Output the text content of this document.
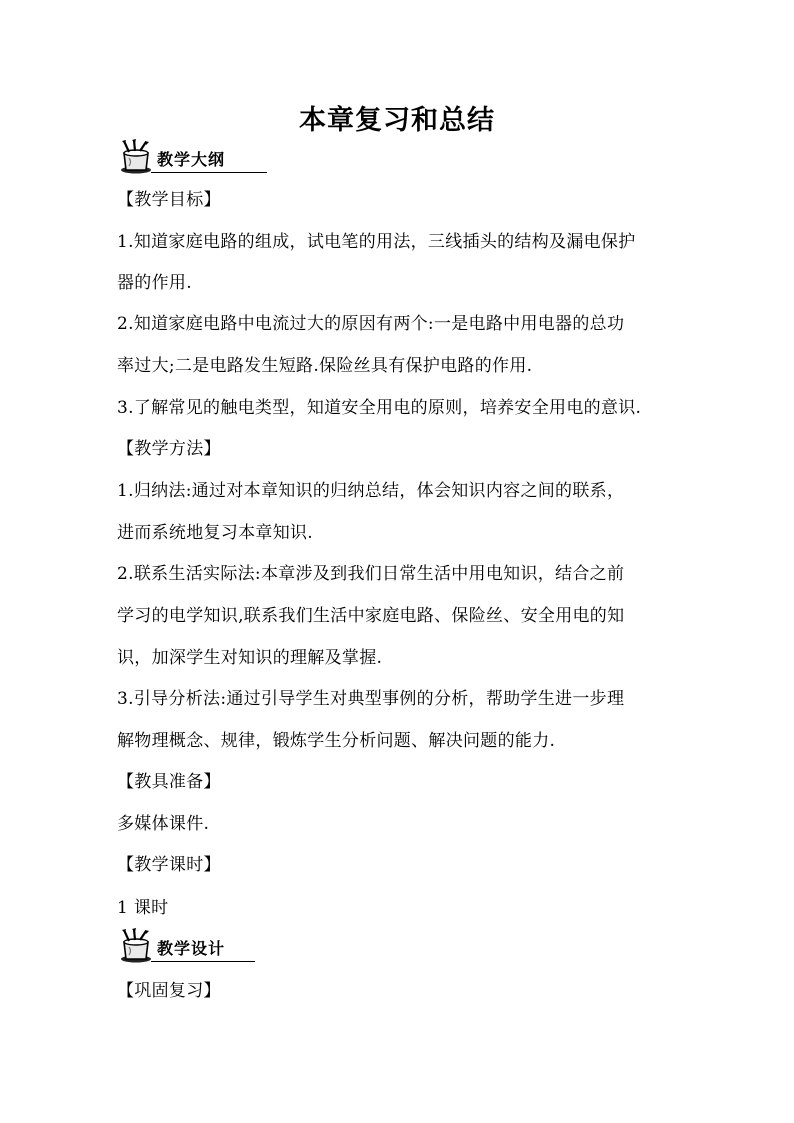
本章复习和总结
教学大纲
【教学目标】
1.知道家庭电路的组成，试电笔的用法，三线插头的结构及漏电保护
器的作用.
2.知道家庭电路中电流过大的原因有两个:一是电路中用电器的总功
率过大;二是电路发生短路.保险丝具有保护电路的作用.
3.了解常见的触电类型，知道安全用电的原则，培养安全用电的意识.
【教学方法】
1.归纳法:通过对本章知识的归纳总结，体会知识内容之间的联系，
进而系统地复习本章知识.
2.联系生活实际法:本章涉及到我们日常生活中用电知识，结合之前
学习的电学知识,联系我们生活中家庭电路、保险丝、安全用电的知
识，加深学生对知识的理解及掌握.
3.引导分析法:通过引导学生对典型事例的分析，帮助学生进一步理
解物理概念、规律，锻炼学生分析问题、解决问题的能力.
【教具准备】
多媒体课件.
【教学课时】
1 课时
教学设计
【巩固复习】
